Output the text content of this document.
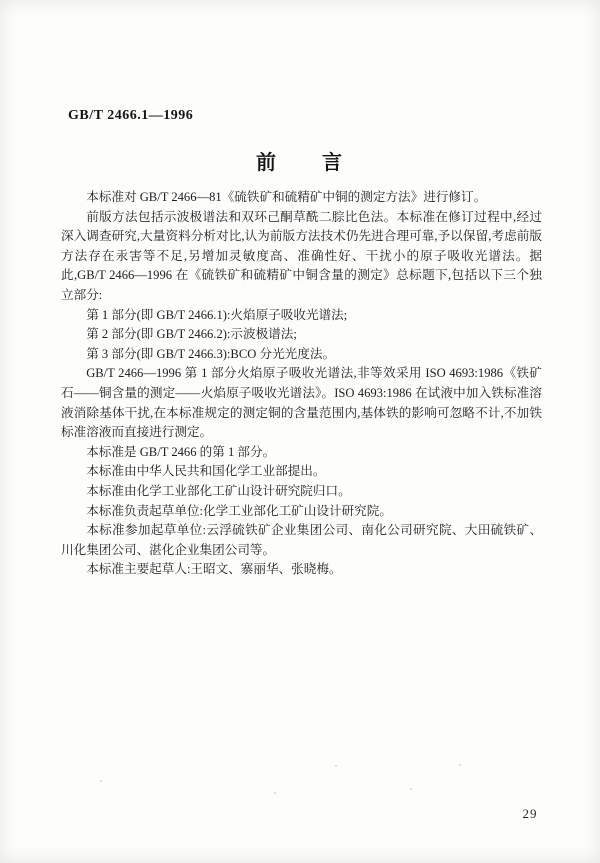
GB/T 2466.1—1996
前　　言

本标准对 GB/T 2466—81《硫铁矿和硫精矿中铜的测定方法》进行修订。

前版方法包括示波极谱法和双环己酮草酰二腙比色法。本标准在修订过程中,经过深入调查研究,大量资料分析对比,认为前版方法技术仍先进合理可靠,予以保留,考虑前版方法存在汞害等不足,另增加灵敏度高、准确性好、干扰小的原子吸收光谱法。据此,GB/T 2466—1996 在《硫铁矿和硫精矿中铜含量的测定》总标题下,包括以下三个独立部分:

第 1 部分(即 GB/T 2466.1):火焰原子吸收光谱法;

第 2 部分(即 GB/T 2466.2):示波极谱法;

第 3 部分(即 GB/T 2466.3):BCO 分光光度法。

GB/T 2466—1996 第 1 部分火焰原子吸收光谱法,非等效采用 ISO 4693:1986《铁矿石——铜含量的测定——火焰原子吸收光谱法》。ISO 4693:1986 在试液中加入铁标准溶液消除基体干扰,在本标准规定的测定铜的含量范围内,基体铁的影响可忽略不计,不加铁标准溶液而直接进行测定。

本标准是 GB/T 2466 的第 1 部分。

本标准由中华人民共和国化学工业部提出。

本标准由化学工业部化工矿山设计研究院归口。

本标准负责起草单位:化学工业部化工矿山设计研究院。

本标准参加起草单位:云浮硫铁矿企业集团公司、南化公司研究院、大田硫铁矿、川化集团公司、湛化企业集团公司等。

本标准主要起草人:王昭文、寨丽华、张晓梅。

29
